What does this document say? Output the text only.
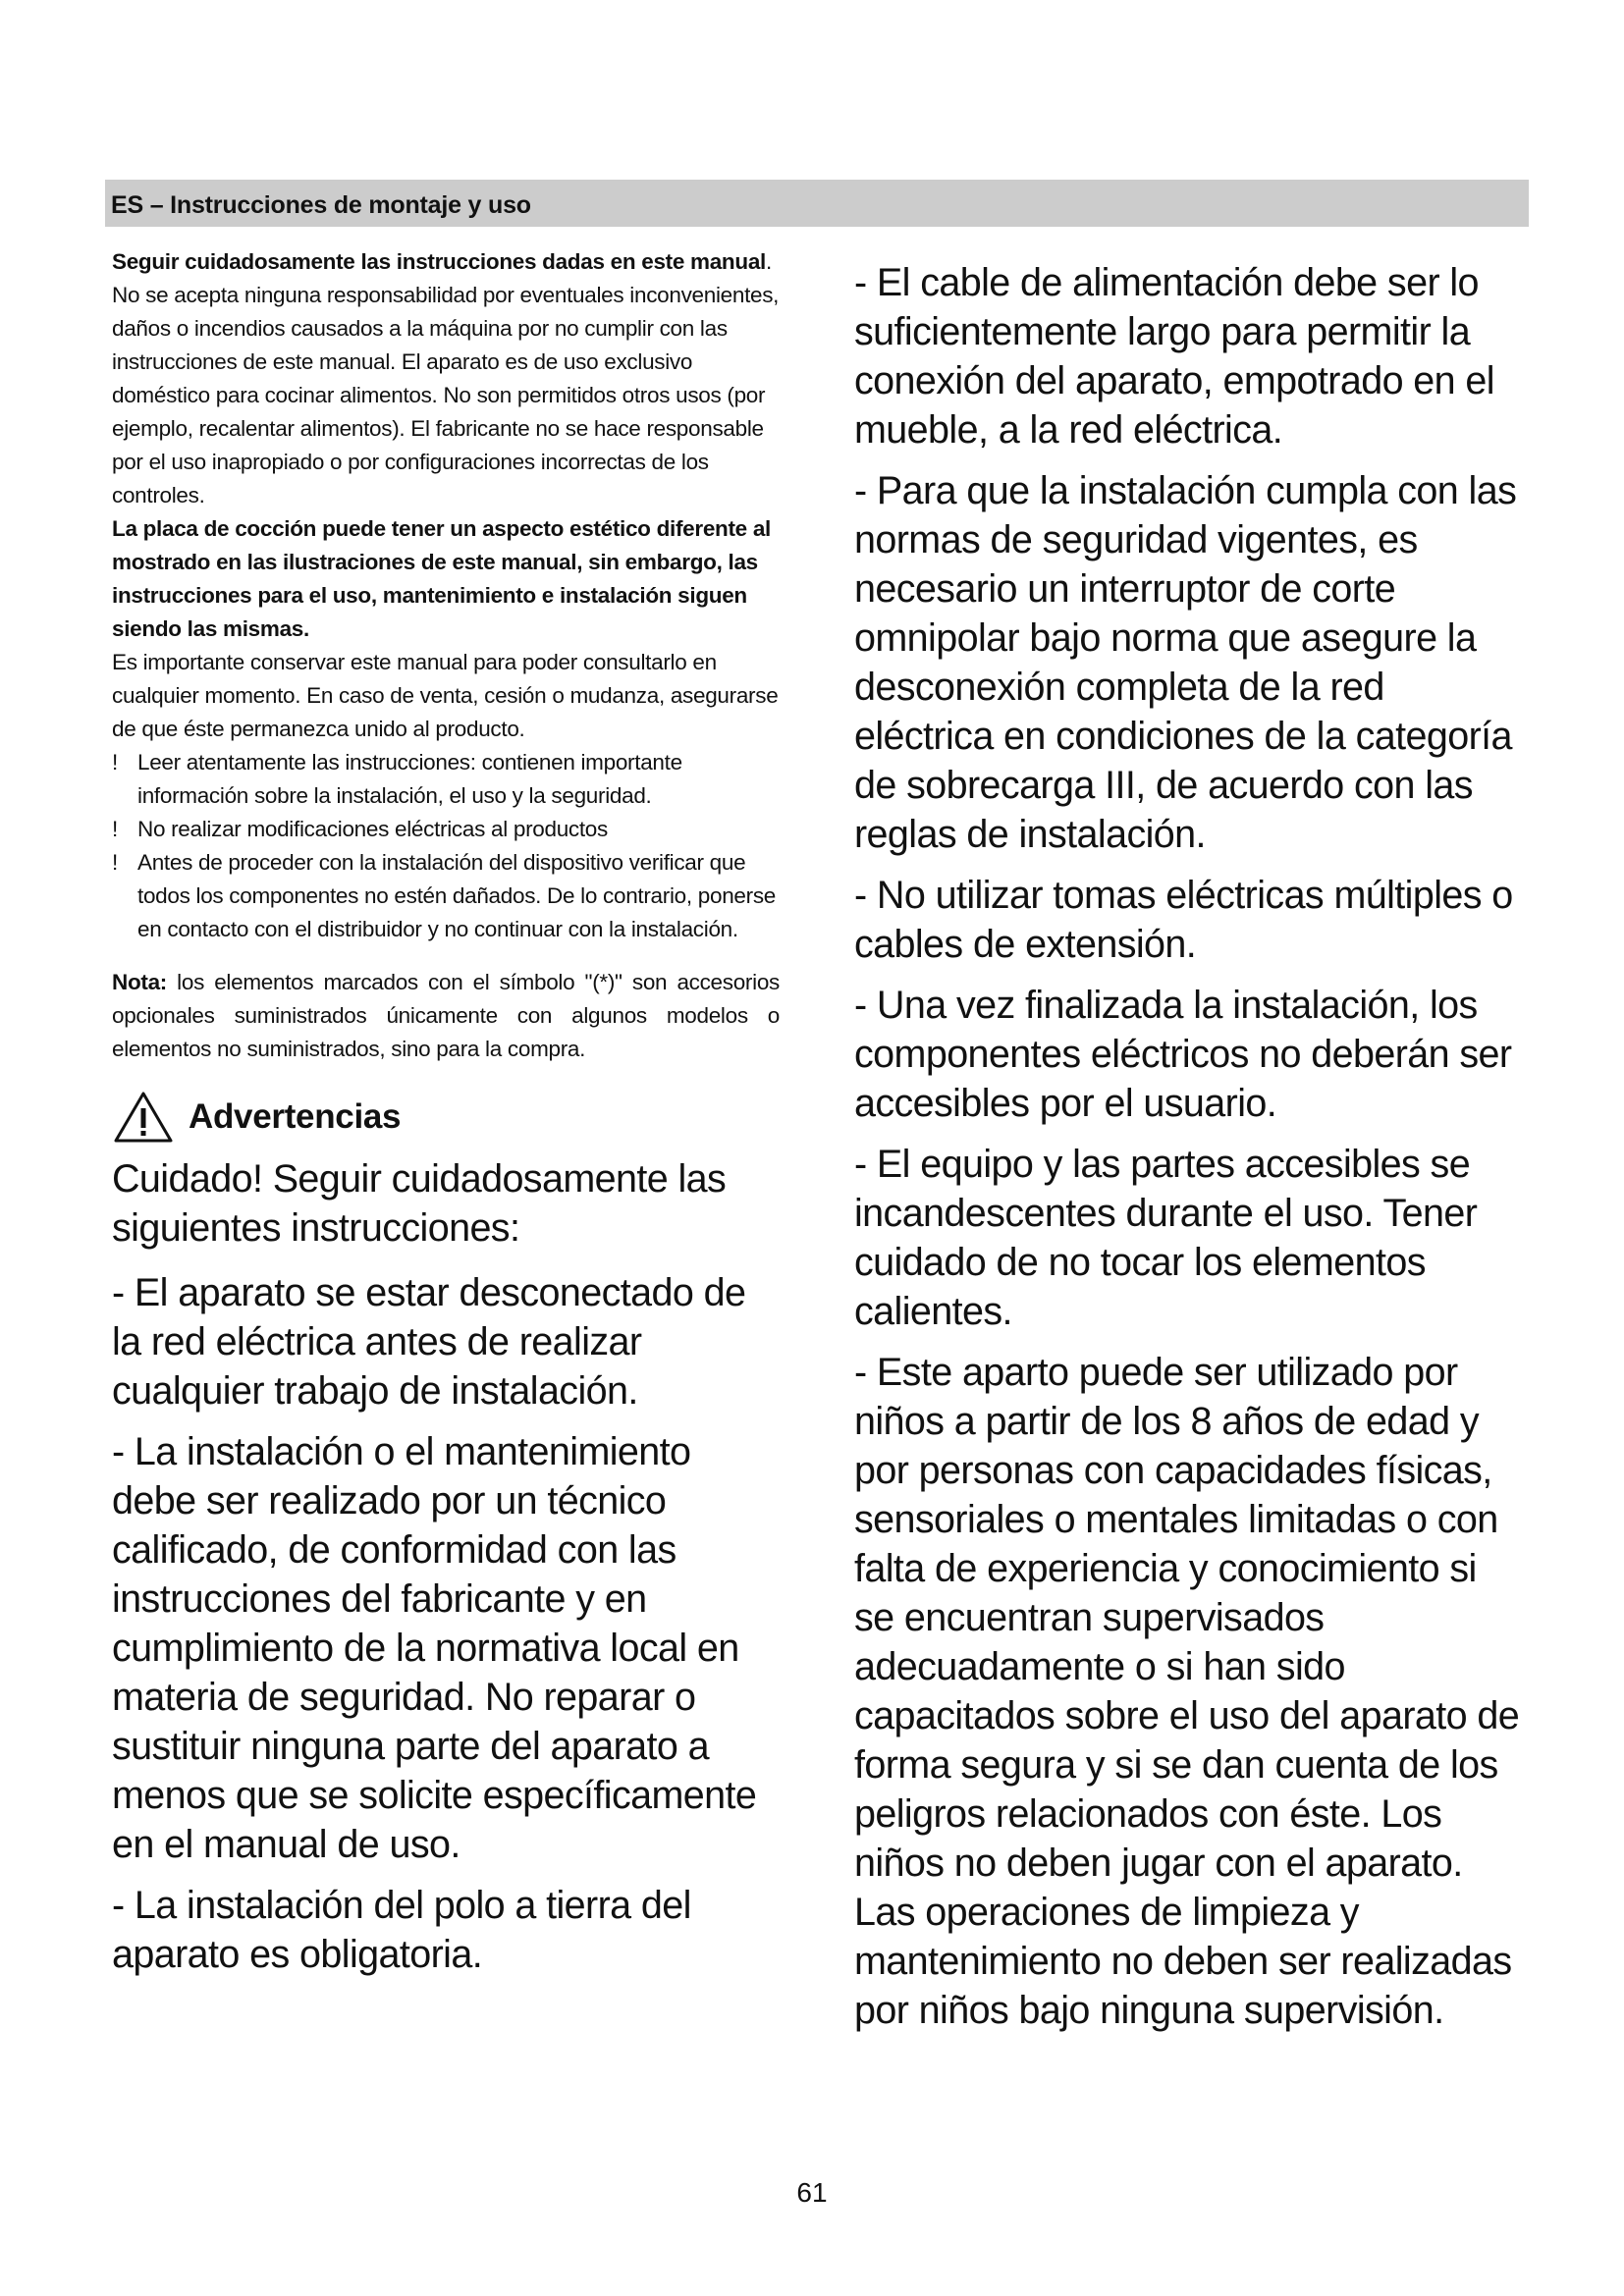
ES – Instrucciones de montaje y uso

Seguir cuidadosamente las instrucciones dadas en este manual. No se acepta ninguna responsabilidad por eventuales inconvenientes, daños o incendios causados a la máquina por no cumplir con las instrucciones de este manual. El aparato es de uso exclusivo doméstico para cocinar alimentos. No son permitidos otros usos (por ejemplo, recalentar alimentos). El fabricante no se hace responsable por el uso inapropiado o por configuraciones incorrectas de los controles.

La placa de cocción puede tener un aspecto estético diferente al mostrado en las ilustraciones de este manual, sin embargo, las instrucciones para el uso, mantenimiento e instalación siguen siendo las mismas.

Es importante conservar este manual para poder consultarlo en cualquier momento. En caso de venta, cesión o mudanza, asegurarse de que éste permanezca unido al producto.

! Leer atentamente las instrucciones: contienen importante información sobre la instalación, el uso y la seguridad.
! No realizar modificaciones eléctricas al productos
! Antes de proceder con la instalación del dispositivo verificar que todos los componentes no estén dañados. De lo contrario, ponerse en contacto con el distribuidor y no continuar con la instalación.

Nota: los elementos marcados con el símbolo "(*)" son accesorios opcionales suministrados únicamente con algunos modelos o elementos no suministrados, sino para la compra.

Advertencias

Cuidado! Seguir cuidadosamente las siguientes instrucciones:

- El aparato se estar desconectado de la red eléctrica antes de realizar cualquier trabajo de instalación.

- La instalación o el mantenimiento debe ser realizado por un técnico calificado, de conformidad con las instrucciones del fabricante y en cumplimiento de la normativa local en materia de seguridad. No reparar o sustituir ninguna parte del aparato a menos que se solicite específicamente en el manual de uso.

- La instalación del polo a tierra del aparato es obligatoria.

- El cable de alimentación debe ser lo suficientemente largo para permitir la conexión del aparato, empotrado en el mueble, a la red eléctrica.

- Para que la instalación cumpla con las normas de seguridad vigentes, es necesario un interruptor de corte omnipolar bajo norma que asegure la desconexión completa de la red eléctrica en condiciones de la categoría de sobrecarga III, de acuerdo con las reglas de instalación.

- No utilizar tomas eléctricas múltiples o cables de extensión.

- Una vez finalizada la instalación, los componentes eléctricos no deberán ser accesibles por el usuario.

- El equipo y las partes accesibles se incandescentes durante el uso. Tener cuidado de no tocar los elementos calientes.

- Este aparto puede ser utilizado por niños a partir de los 8 años de edad y por personas con capacidades físicas, sensoriales o mentales limitadas o con falta de experiencia y conocimiento si se encuentran supervisados adecuadamente o si han sido capacitados sobre el uso del aparato de forma segura y si se dan cuenta de los peligros relacionados con éste. Los niños no deben jugar con el aparato. Las operaciones de limpieza y mantenimiento no deben ser realizadas por niños bajo ninguna supervisión.

61
